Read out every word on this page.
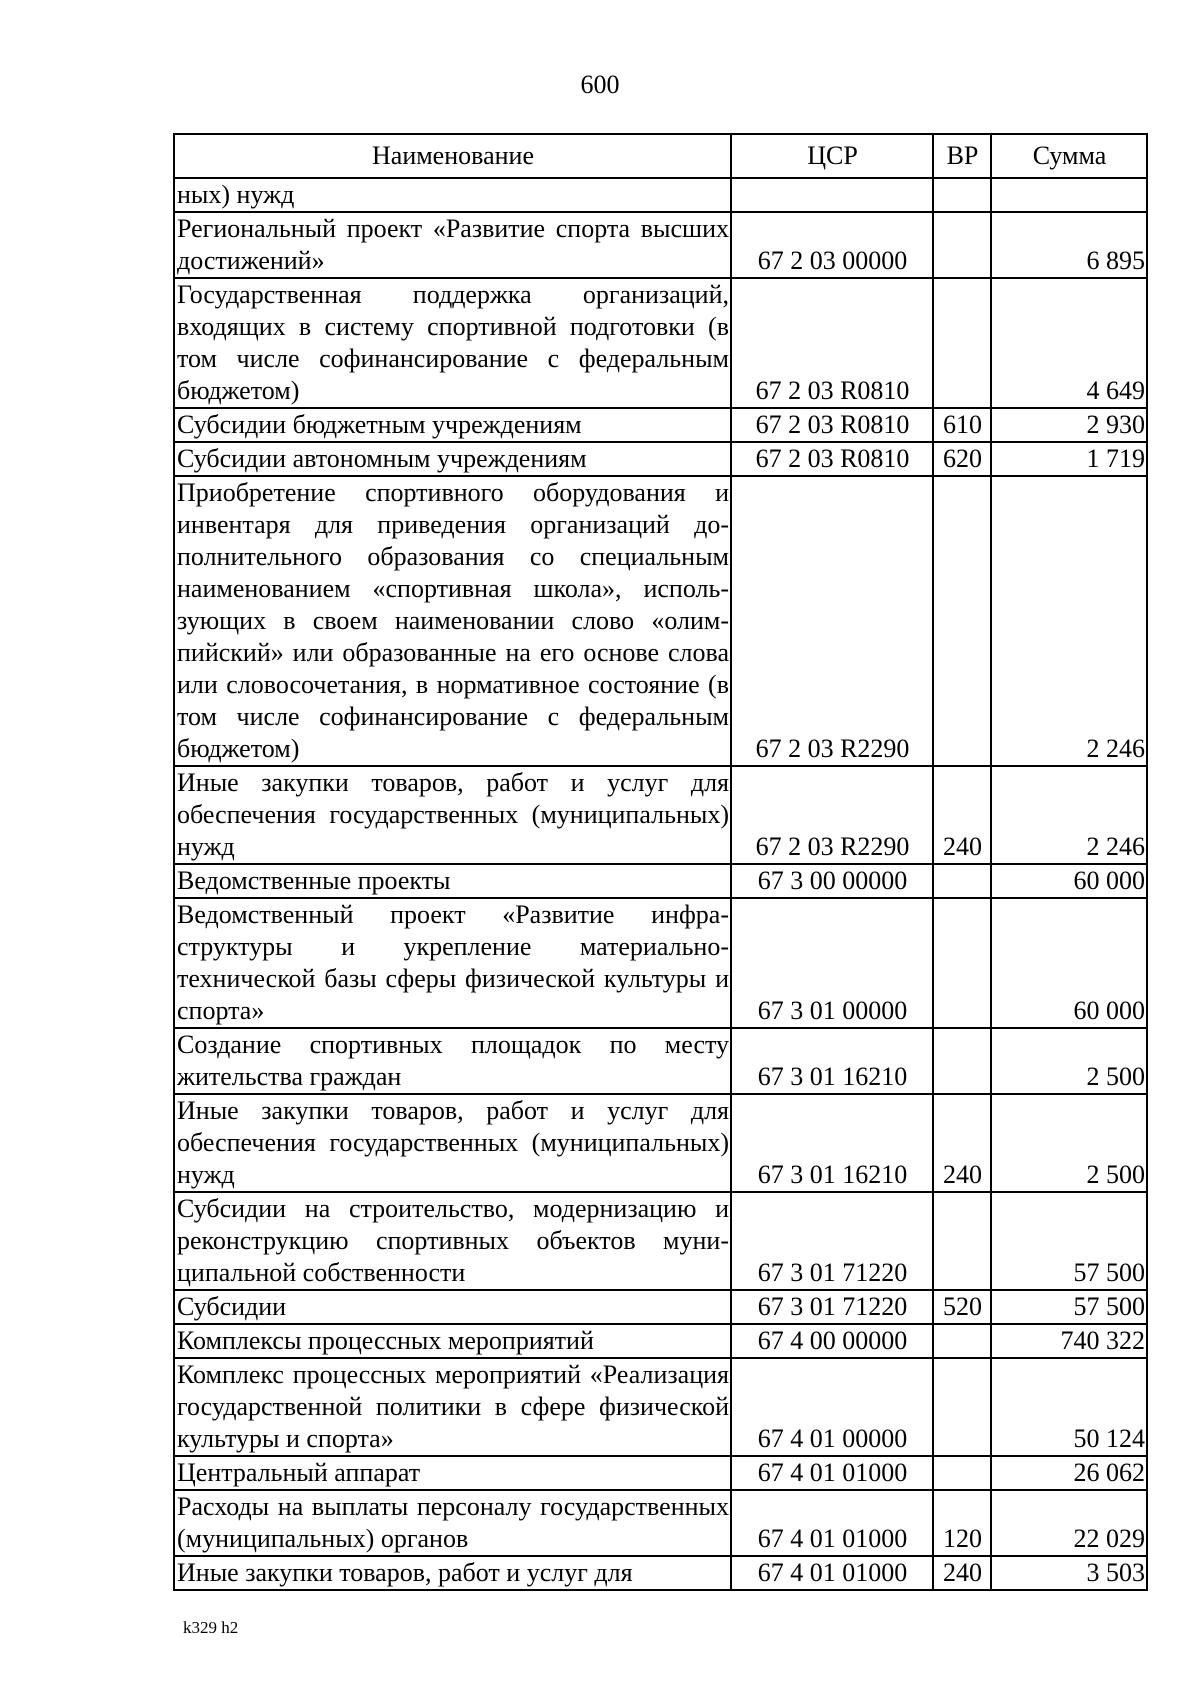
600
Наименование	ЦСР	ВР	Сумма
ных) нужд			
Региональный проект «Развитие спорта высших достижений»	67 2 03 00000		6 895
Государственная поддержка организаций, входящих в систему спортивной подготовки (в том числе софинансирование с федеральным бюджетом)	67 2 03 R0810		4 649
Субсидии бюджетным учреждениям	67 2 03 R0810	610	2 930
Субсидии автономным учреждениям	67 2 03 R0810	620	1 719
Приобретение спортивного оборудования и инвентаря для приведения организаций дополнительного образования со специальным наименованием «спортивная школа», использующих в своем наименовании слово «олимпийский» или образованные на его основе слова или словосочетания, в нормативное состояние (в том числе софинансирование с федеральным бюджетом)	67 2 03 R2290		2 246
Иные закупки товаров, работ и услуг для обеспечения государственных (муниципальных) нужд	67 2 03 R2290	240	2 246
Ведомственные проекты	67 3 00 00000		60 000
Ведомственный проект «Развитие инфраструктуры и укрепление материально-технической базы сферы физической культуры и спорта»	67 3 01 00000		60 000
Создание спортивных площадок по месту жительства граждан	67 3 01 16210		2 500
Иные закупки товаров, работ и услуг для обеспечения государственных (муниципальных) нужд	67 3 01 16210	240	2 500
Субсидии на строительство, модернизацию и реконструкцию спортивных объектов муниципальной собственности	67 3 01 71220		57 500
Субсидии	67 3 01 71220	520	57 500
Комплексы процессных мероприятий	67 4 00 00000		740 322
Комплекс процессных мероприятий «Реализация государственной политики в сфере физической культуры и спорта»	67 4 01 00000		50 124
Центральный аппарат	67 4 01 01000		26 062
Расходы на выплаты персоналу государственных (муниципальных) органов	67 4 01 01000	120	22 029
Иные закупки товаров, работ и услуг для	67 4 01 01000	240	3 503
k329 h2
